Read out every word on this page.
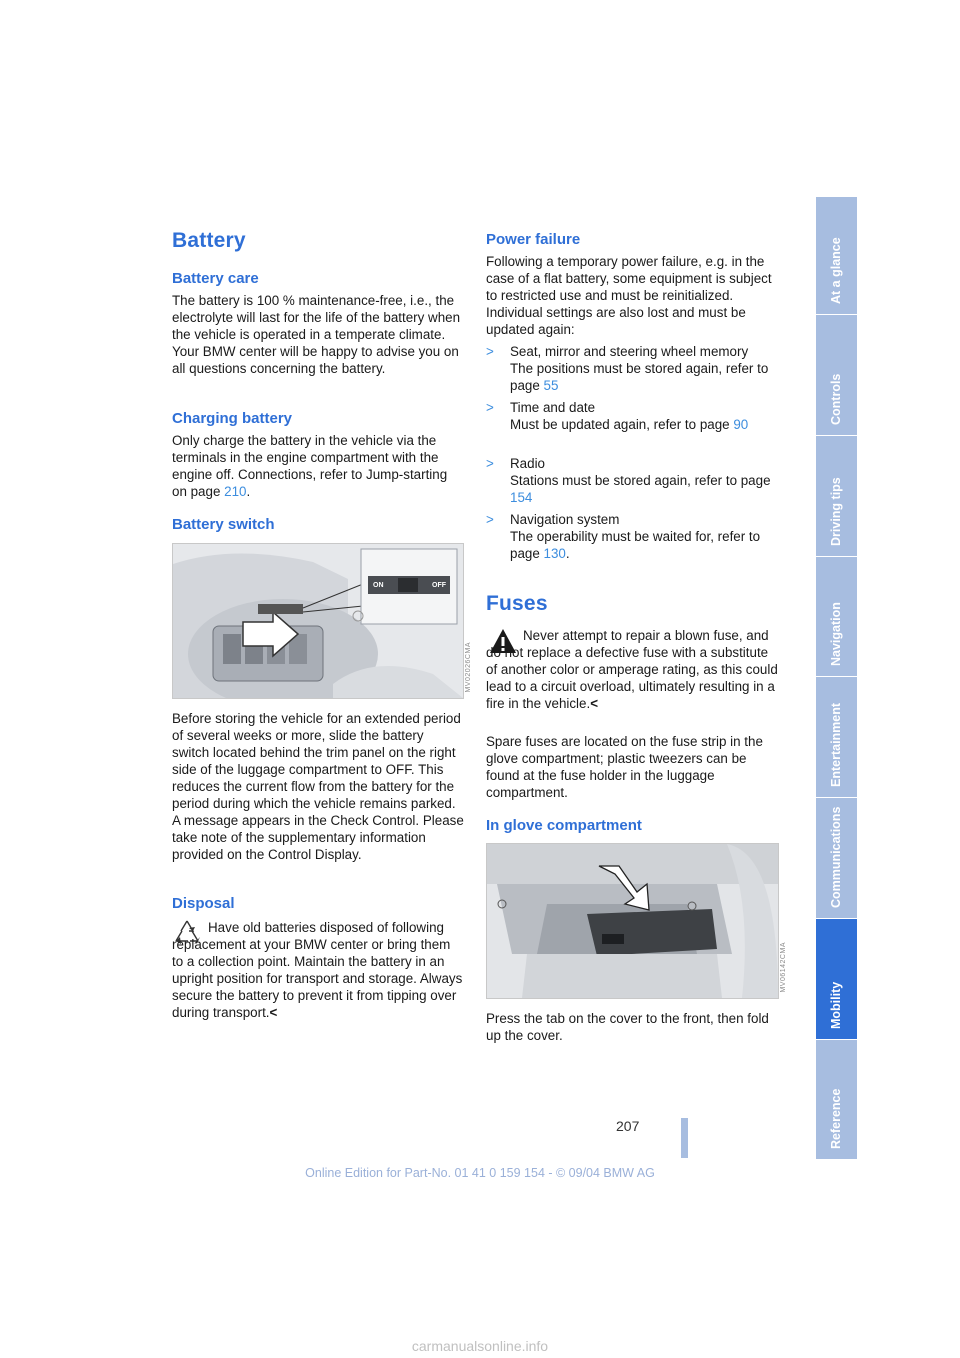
Battery
Battery care

The battery is 100 % maintenance-free, i.e., the electrolyte will last for the life of the battery when the vehicle is operated in a temperate climate. Your BMW center will be happy to advise you on all questions concerning the battery.

Charging battery

Only charge the battery in the vehicle via the terminals in the engine compartment with the engine off. Connections, refer to Jump-starting on page 210.

Battery switch
ON	OFF
MV02026CMA

Before storing the vehicle for an extended period of several weeks or more, slide the battery switch located behind the trim panel on the right side of the luggage compartment to OFF. This reduces the current flow from the battery for the period during which the vehicle remains parked. A message appears in the Check Control. Please take note of the supplementary information provided on the Control Display.

Disposal

Have old batteries disposed of following replacement at your BMW center or bring them to a collection point. Maintain the battery in an upright position for transport and storage. Always secure the battery to prevent it from tipping over during transport.<

Power failure

Following a temporary power failure, e.g. in the case of a flat battery, some equipment is subject to restricted use and must be reinitialized. Individual settings are also lost and must be updated again:

> Seat, mirror and steering wheel memory
The positions must be stored again, refer to page 55
> Time and date
Must be updated again, refer to page 90
> Radio
Stations must be stored again, refer to page 154
> Navigation system
The operability must be waited for, refer to page 130.
Fuses

Never attempt to repair a blown fuse, and do not replace a defective fuse with a substitute of another color or amperage rating, as this could lead to a circuit overload, ultimately resulting in a fire in the vehicle.<

Spare fuses are located on the fuse strip in the glove compartment; plastic tweezers can be found at the fuse holder in the luggage compartment.

In glove compartment
MV06142CMA

Press the tab on the cover to the front, then fold up the cover.

At a glance
Controls
Driving tips
Navigation
Entertainment
Communications
Mobility
Reference
207
Online Edition for Part-No. 01 41 0 159 154 - © 09/04 BMW AG
carmanualsonline.info
